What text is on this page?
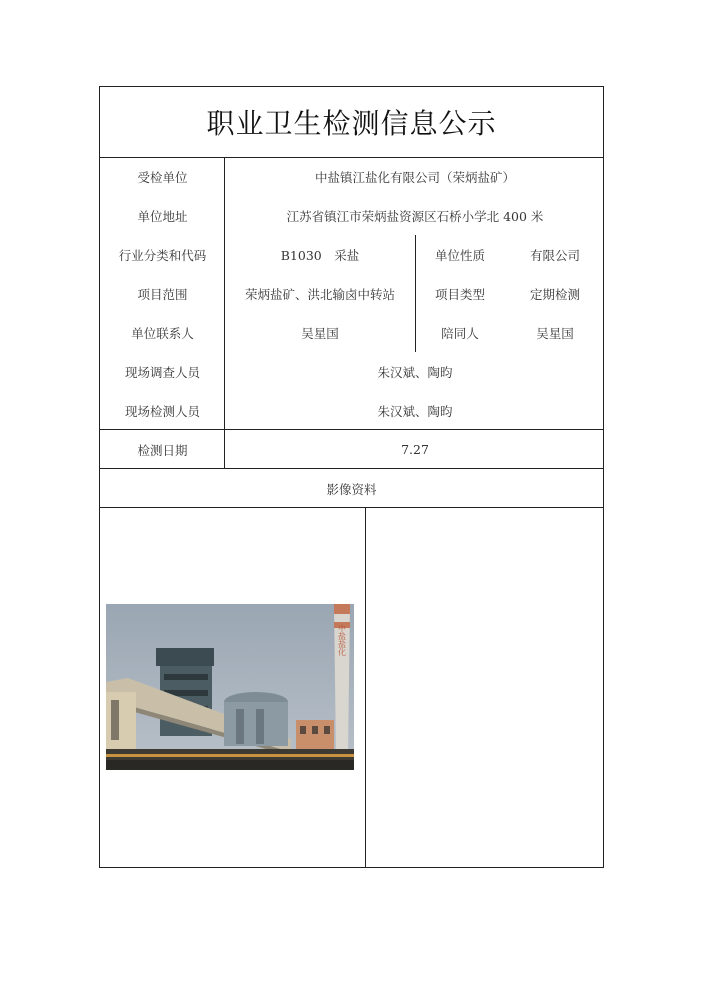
职业卫生检测信息公示
受检单位	中盐镇江盐化有限公司（荣炳盐矿）
单位地址	江苏省镇江市荣炳盐资源区石桥小学北 400 米
行业分类和代码	B1030　采盐	单位性质	有限公司
项目范围	荣炳盐矿、洪北输卤中转站	项目类型	定期检测
单位联系人	吴星国	陪同人	吴星国
现场调查人员	朱汉斌、陶昀
现场检测人员	朱汉斌、陶昀
检测日期	7.27
影像资料
中盐盐化
